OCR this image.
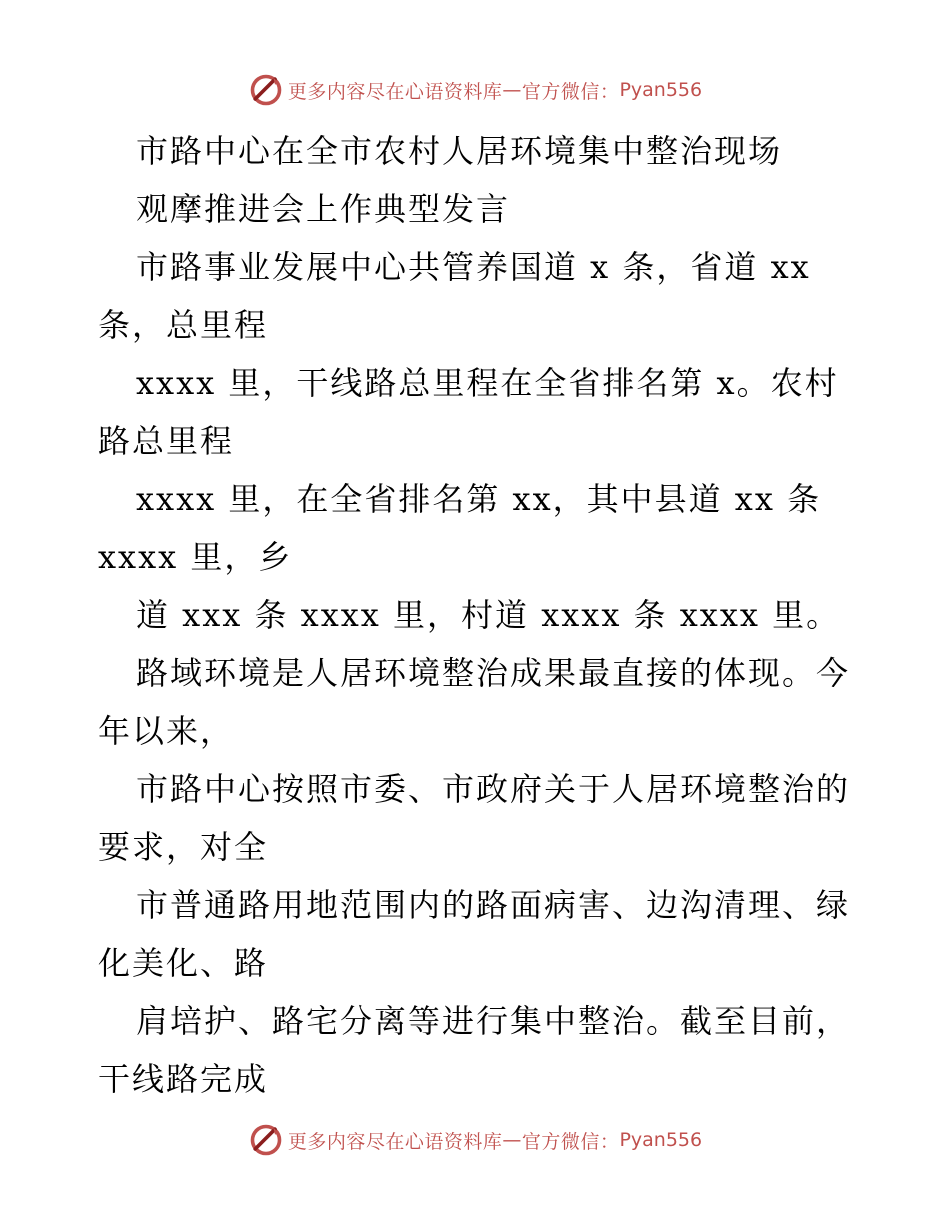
更多内容尽在心语资料库 — 官方微信： Pyan556
市路中心在全市农村人居环境集中整治现场
观摩推进会上作典型发言
市路事业发展中心共管养国道 x 条，省道 xx
条，总里程
xxxx 里，干线路总里程在全省排名第 x。农村
路总里程
xxxx 里，在全省排名第 xx，其中县道 xx 条
xxxx 里，乡
道 xxx 条 xxxx 里，村道 xxxx 条 xxxx 里。
路域环境是人居环境整治成果最直接的体现。今
年以来，
市路中心按照市委、市政府关于人居环境整治的
要求，对全
市普通路用地范围内的路面病害、边沟清理、绿
化美化、路
肩培护、路宅分离等进行集中整治。截至目前，
干线路完成
更多内容尽在心语资料库 — 官方微信： Pyan556
